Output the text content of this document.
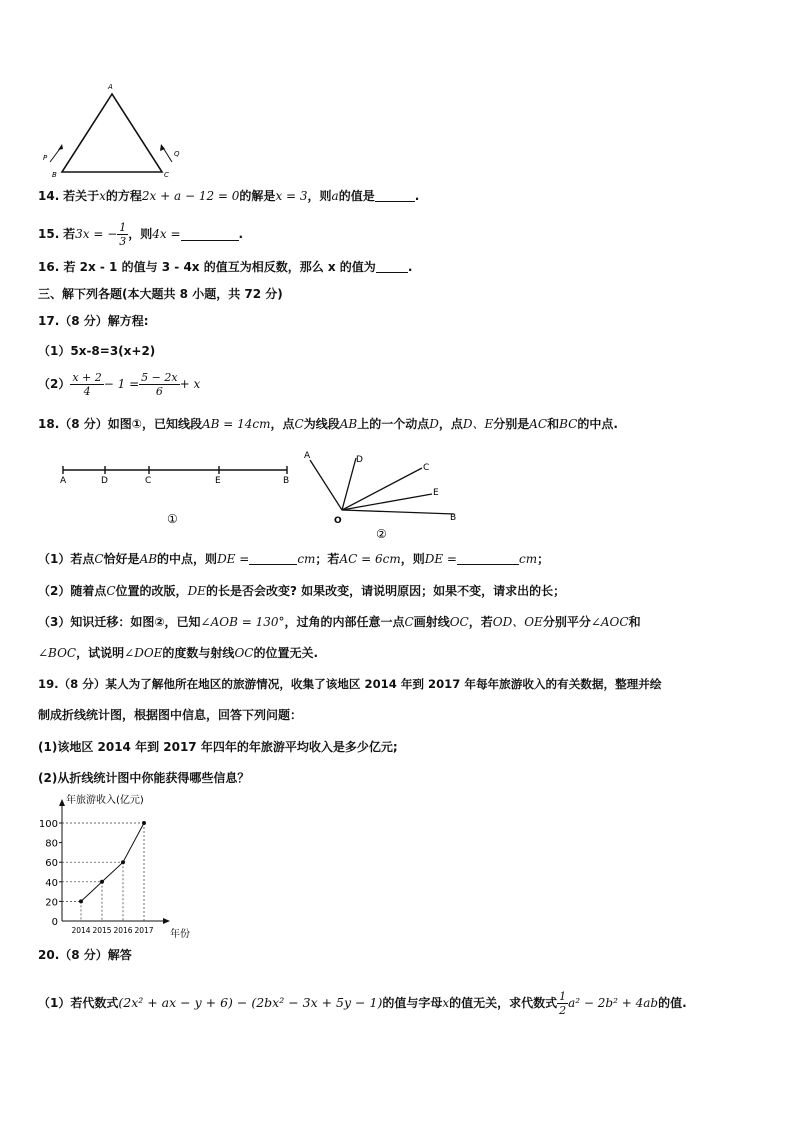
A
B	C
P	Q
14. 若关于x的方程2x + a − 12 = 0的解是x = 3，则a的值是	.
15. 若3x = − $\frac{1}{3}$ ，则4x =	.
16. 若 2x - 1 的值与 3 - 4x 的值互为相反数，那么 x 的值为	.
三、解下列各题(本大题共 8 小题，共 72 分)
17.（8 分）解方程:
（1）5x-8=3(x+2)
$(2) \frac{x + 2}{4} - 1 = \frac{5 - 2x}{6} + x$
18.（8 分）如图①，已知线段AB = 14cm，点C为线段AB上的一个动点D，点D、E分别是AC和BC的中点.
A	D	C	E	B
①
A	D
C
E
O	B
②
（1）若点C恰好是AB的中点，则DE =	cm；若AC = 6cm，则DE =	cm；
（2）随着点C位置的改版，DE的长是否会改变? 如果改变，请说明原因；如果不变，请求出的长；
（3）知识迁移：如图②，已知∠AOB = 130°，过角的内部任意一点C画射线OC，若OD、OE分别平分∠AOC和
∠BOC，试说明∠DOE的度数与射线OC的位置无关.
19.（8 分）某人为了解他所在地区的旅游情况，收集了该地区 2014 年到 2017 年每年旅游收入的有关数据，整理并绘
制成折线统计图，根据图中信息，回答下列问题：
(1)该地区 2014 年到 2017 年四年的年旅游平均收入是多少亿元;
(2)从折线统计图中你能获得哪些信息？
年旅游收入(亿元)
年份
0
20
40
60
80
100
2014 2015 2016 2017
20.（8 分）解答
（1）若代数式(2x² + ax − y + 6) − (2bx² − 3x + 5y − 1)的值与字母x的值无关，求代数式 $\frac{1}{2} a^2 - 2b^2 + 4ab$的值.
